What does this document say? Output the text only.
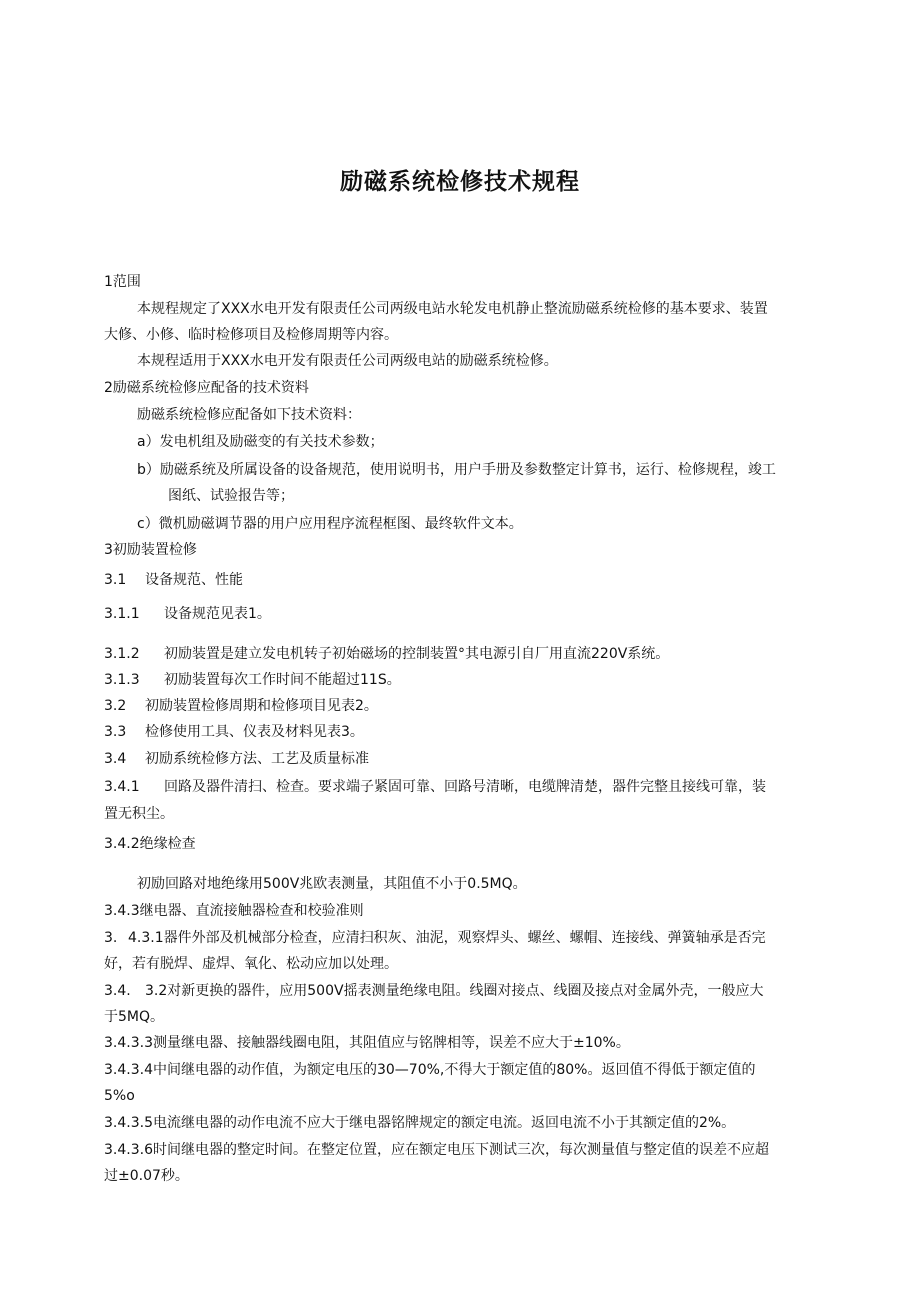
励磁系统检修技术规程
1范围
本规程规定了XXX水电开发有限责任公司两级电站水轮发电机静止整流励磁系统检修的基本要求、装置
大修、小修、临时检修项目及检修周期等内容。
本规程适用于XXX水电开发有限责任公司两级电站的励磁系统检修。
2励磁系统检修应配备的技术资料
励磁系统检修应配备如下技术资料：
a）发电机组及励磁变的有关技术参数；
b）励磁系统及所属设备的设备规范，使用说明书，用户手册及参数整定计算书，运行、检修规程，竣工
图纸、试验报告等；
c）微机励磁调节器的用户应用程序流程框图、最终软件文本。
3初励装置检修
3.1 设备规范、性能
3.1.1 设备规范见表1。
3.1.2 初励装置是建立发电机转子初始磁场的控制装置°其电源引自厂用直流220V系统。
3.1.3 初励装置每次工作时间不能超过11S。
3.2 初励装置检修周期和检修项目见表2。
3.3 检修使用工具、仪表及材料见表3。
3.4 初励系统检修方法、工艺及质量标准
3.4.1 回路及器件清扫、检查。要求端子紧固可靠、回路号清晰，电缆牌清楚，器件完整且接线可靠，装
置无积尘。
3.4.2绝缘检查
初励回路对地绝缘用500V兆欧表测量，其阻值不小于0.5MQ。
3.4.3继电器、直流接触器检查和校验准则
3. 4.3.1器件外部及机械部分检查，应清扫积灰、油泥，观察焊头、螺丝、螺帽、连接线、弹簧轴承是否完
好，若有脱焊、虚焊、氧化、松动应加以处理。
3.4. 3.2对新更换的器件，应用500V摇表测量绝缘电阻。线圈对接点、线圈及接点对金属外壳，一般应大
于5MQ。
3.4.3.3测量继电器、接触器线圈电阻，其阻值应与铭牌相等，误差不应大于±10%。
3.4.3.4中间继电器的动作值，为额定电压的30—70%,不得大于额定值的80%。返回值不得低于额定值的
5%o
3.4.3.5电流继电器的动作电流不应大于继电器铭牌规定的额定电流。返回电流不小于其额定值的2%。
3.4.3.6时间继电器的整定时间。在整定位置，应在额定电压下测试三次，每次测量值与整定值的误差不应超
过±0.07秒。
